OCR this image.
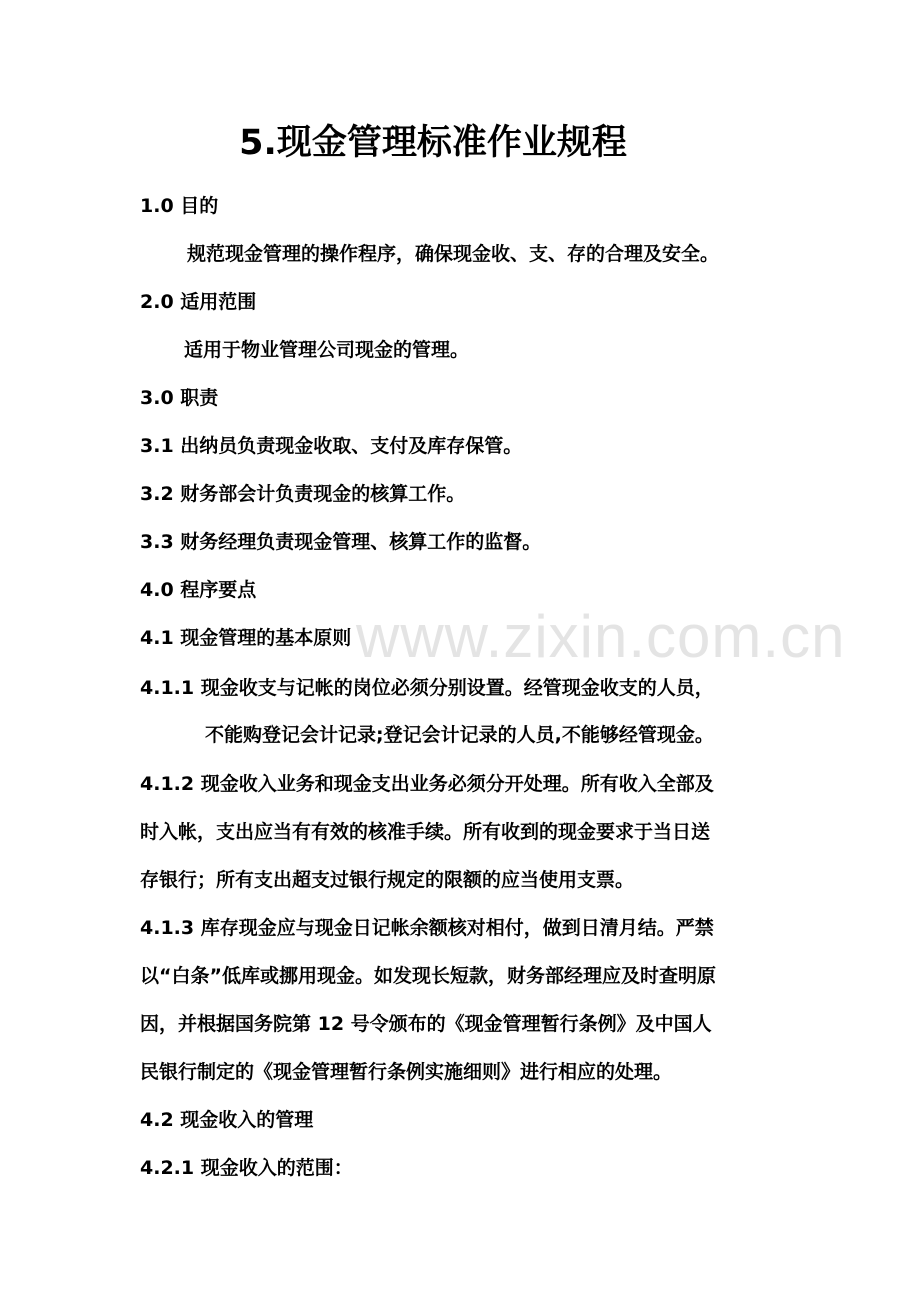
www.zixin.com.cn
5.现金管理标准作业规程
1.0 目的
规范现金管理的操作程序，确保现金收、支、存的合理及安全。
2.0 适用范围
适用于物业管理公司现金的管理。
3.0 职责
3.1 出纳员负责现金收取、支付及库存保管。
3.2 财务部会计负责现金的核算工作。
3.3 财务经理负责现金管理、核算工作的监督。
4.0 程序要点
4.1 现金管理的基本原则
4.1.1 现金收支与记帐的岗位必须分别设置。经管现金收支的人员，
不能购登记会计记录;登记会计记录的人员,不能够经管现金。
4.1.2 现金收入业务和现金支出业务必须分开处理。所有收入全部及
时入帐，支出应当有有效的核准手续。所有收到的现金要求于当日送
存银行；所有支出超支过银行规定的限额的应当使用支票。
4.1.3 库存现金应与现金日记帐余额核对相付，做到日清月结。严禁
以“白条”低库或挪用现金。如发现长短款，财务部经理应及时查明原
因，并根据国务院第 12 号令颁布的《现金管理暂行条例》及中国人
民银行制定的《现金管理暂行条例实施细则》进行相应的处理。
4.2 现金收入的管理
4.2.1 现金收入的范围：
